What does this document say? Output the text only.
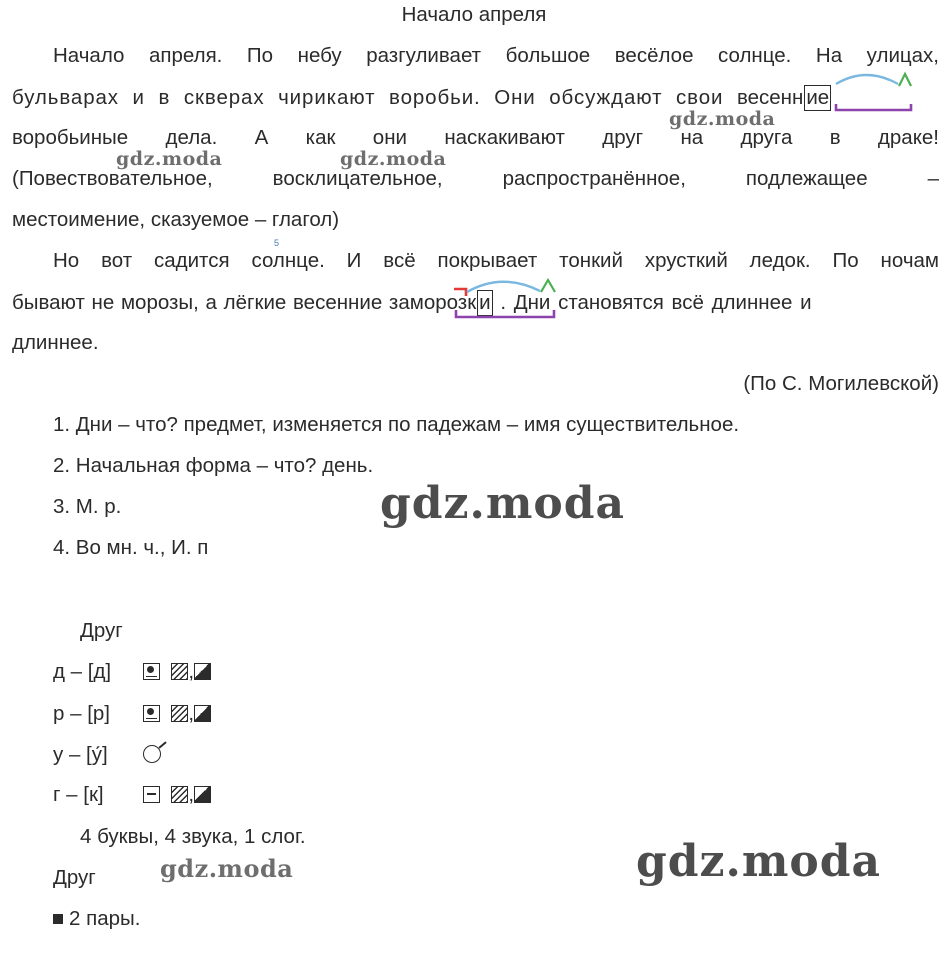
Начало апреля
Начало апреля. По небу разгуливает большое весёлое солнце. На улицах,
бульварах и в скверах чирикают воробьи. Они обсуждают свои весенн ие
воробьиные дела. А как они наскакивают друг на друга в драке!
(Повествовательное, восклицательное, распространённое, подлежащее –
местоимение, сказуемое – глагол)
5
Но вот садится солнце. И всё покрывает тонкий хрусткий ледок. По ночам
бывают не морозы, а лёгкие весенние заморозк и . Дни становятся всё длиннее и
длиннее.
(По С. Могилевской)
1. Дни – что? предмет, изменяется по падежам – имя существительное.
2. Начальная форма – что? день.
3. М. р.
4. Во мн. ч., И. п
Друг
д – [д]	,
р – [р]	,
у – [у́]
г – [к]	,
4 буквы, 4 звука, 1 слог.
Друг
2 пары.
gdz.moda
gdz.moda	gdz.moda
gdz.moda
gdz.moda	gdz.moda
